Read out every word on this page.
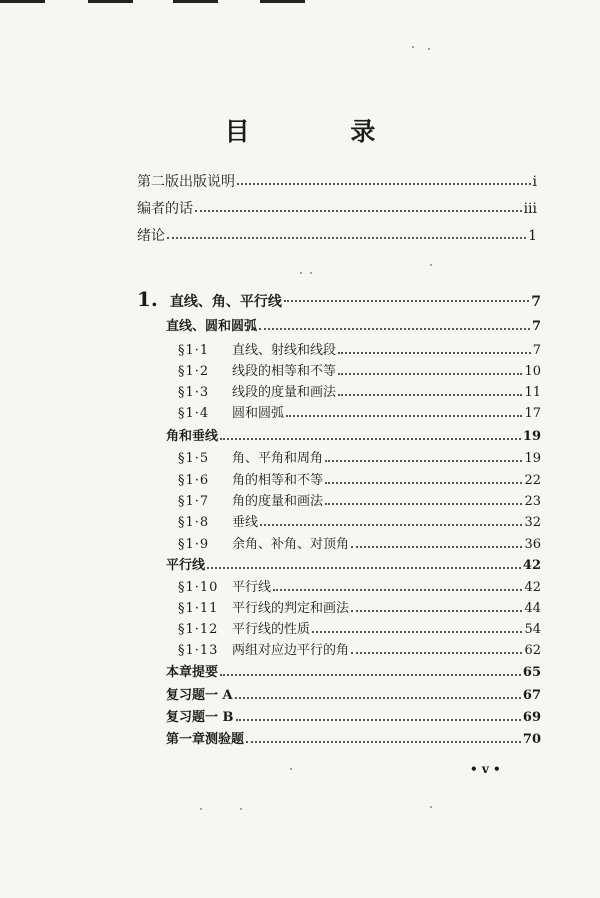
目 录
第二版出版说明	i
编者的话	iii
绪论	1
1. 直线、角、平行线	7
直线、圆和圆弧	7
§1·1	直线、射线和线段	7
§1·2	线段的相等和不等	10
§1·3	线段的度量和画法	11
§1·4	圆和圆弧	17
角和垂线	19
§1·5	角、平角和周角	19
§1·6	角的相等和不等	22
§1·7	角的度量和画法	23
§1·8	垂线	32
§1·9	余角、补角、对顶角	36
平行线	42
§1·10	平行线	42
§1·11	平行线的判定和画法	44
§1·12	平行线的性质	54
§1·13	两组对应边平行的角	62
本章提要	65
复习题一 A	67
复习题一 B	69
第一章测验题	70
• v •
